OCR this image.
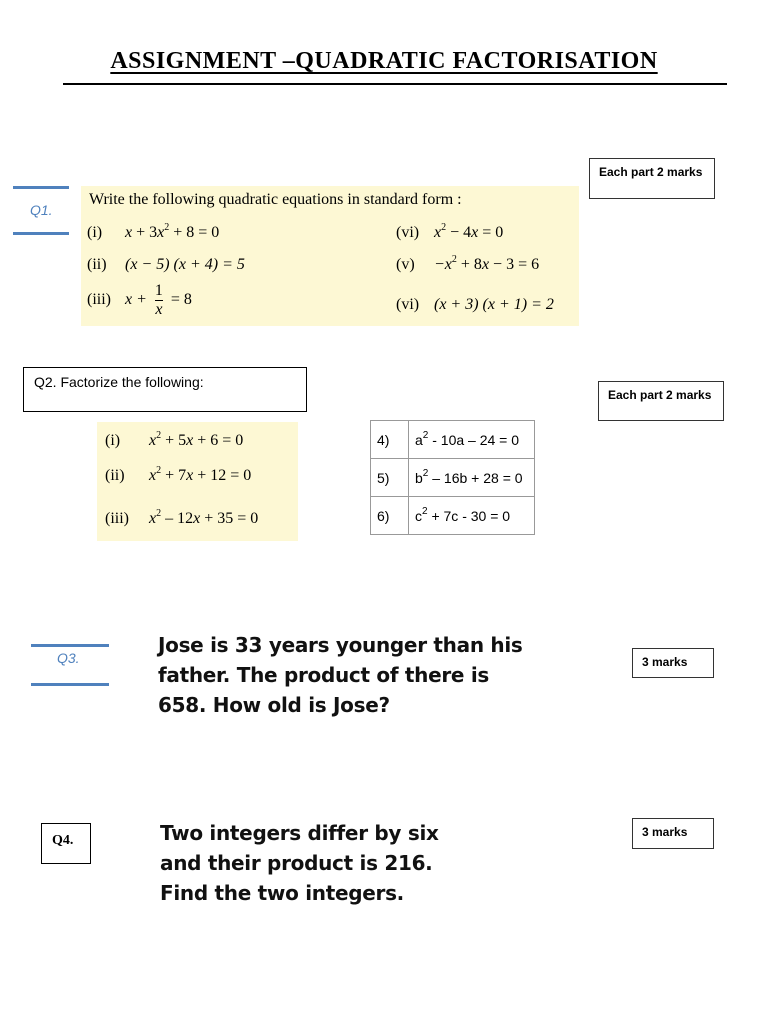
ASSIGNMENT –QUADRATIC FACTORISATION
Each part 2 marks
Q1.
Write the following quadratic equations in standard form :
(i) $x + 3x^2 + 8 = 0$
(ii) (x − 5) (x + 4) = 5
(iii) $x + \frac{1}{x} = 8$
(vi) $x^2 - 4x = 0$
$(v) -x^2 + 8x - 3 = 6$
(vi) (x + 3) (x + 1) = 2
Q2. Factorize the following:
Each part 2 marks
(i) $x^2 + 5x + 6 = 0$
(ii) $x^2 + 7x + 12 = 0$
(iii) $x^2 - 12x + 35 = 0$
4)	$a^2 - 10a - 24 = 0$
5)	$b^2 - 16b + 28 = 0$
6)	$c^2 + 7c - 30 = 0$
Q3.
Jose is 33 years younger than his
father. The product of there is
658. How old is Jose?
3 marks
Q4.	Two integers differ by six
and their product is 216.
Find the two integers.
3 marks
